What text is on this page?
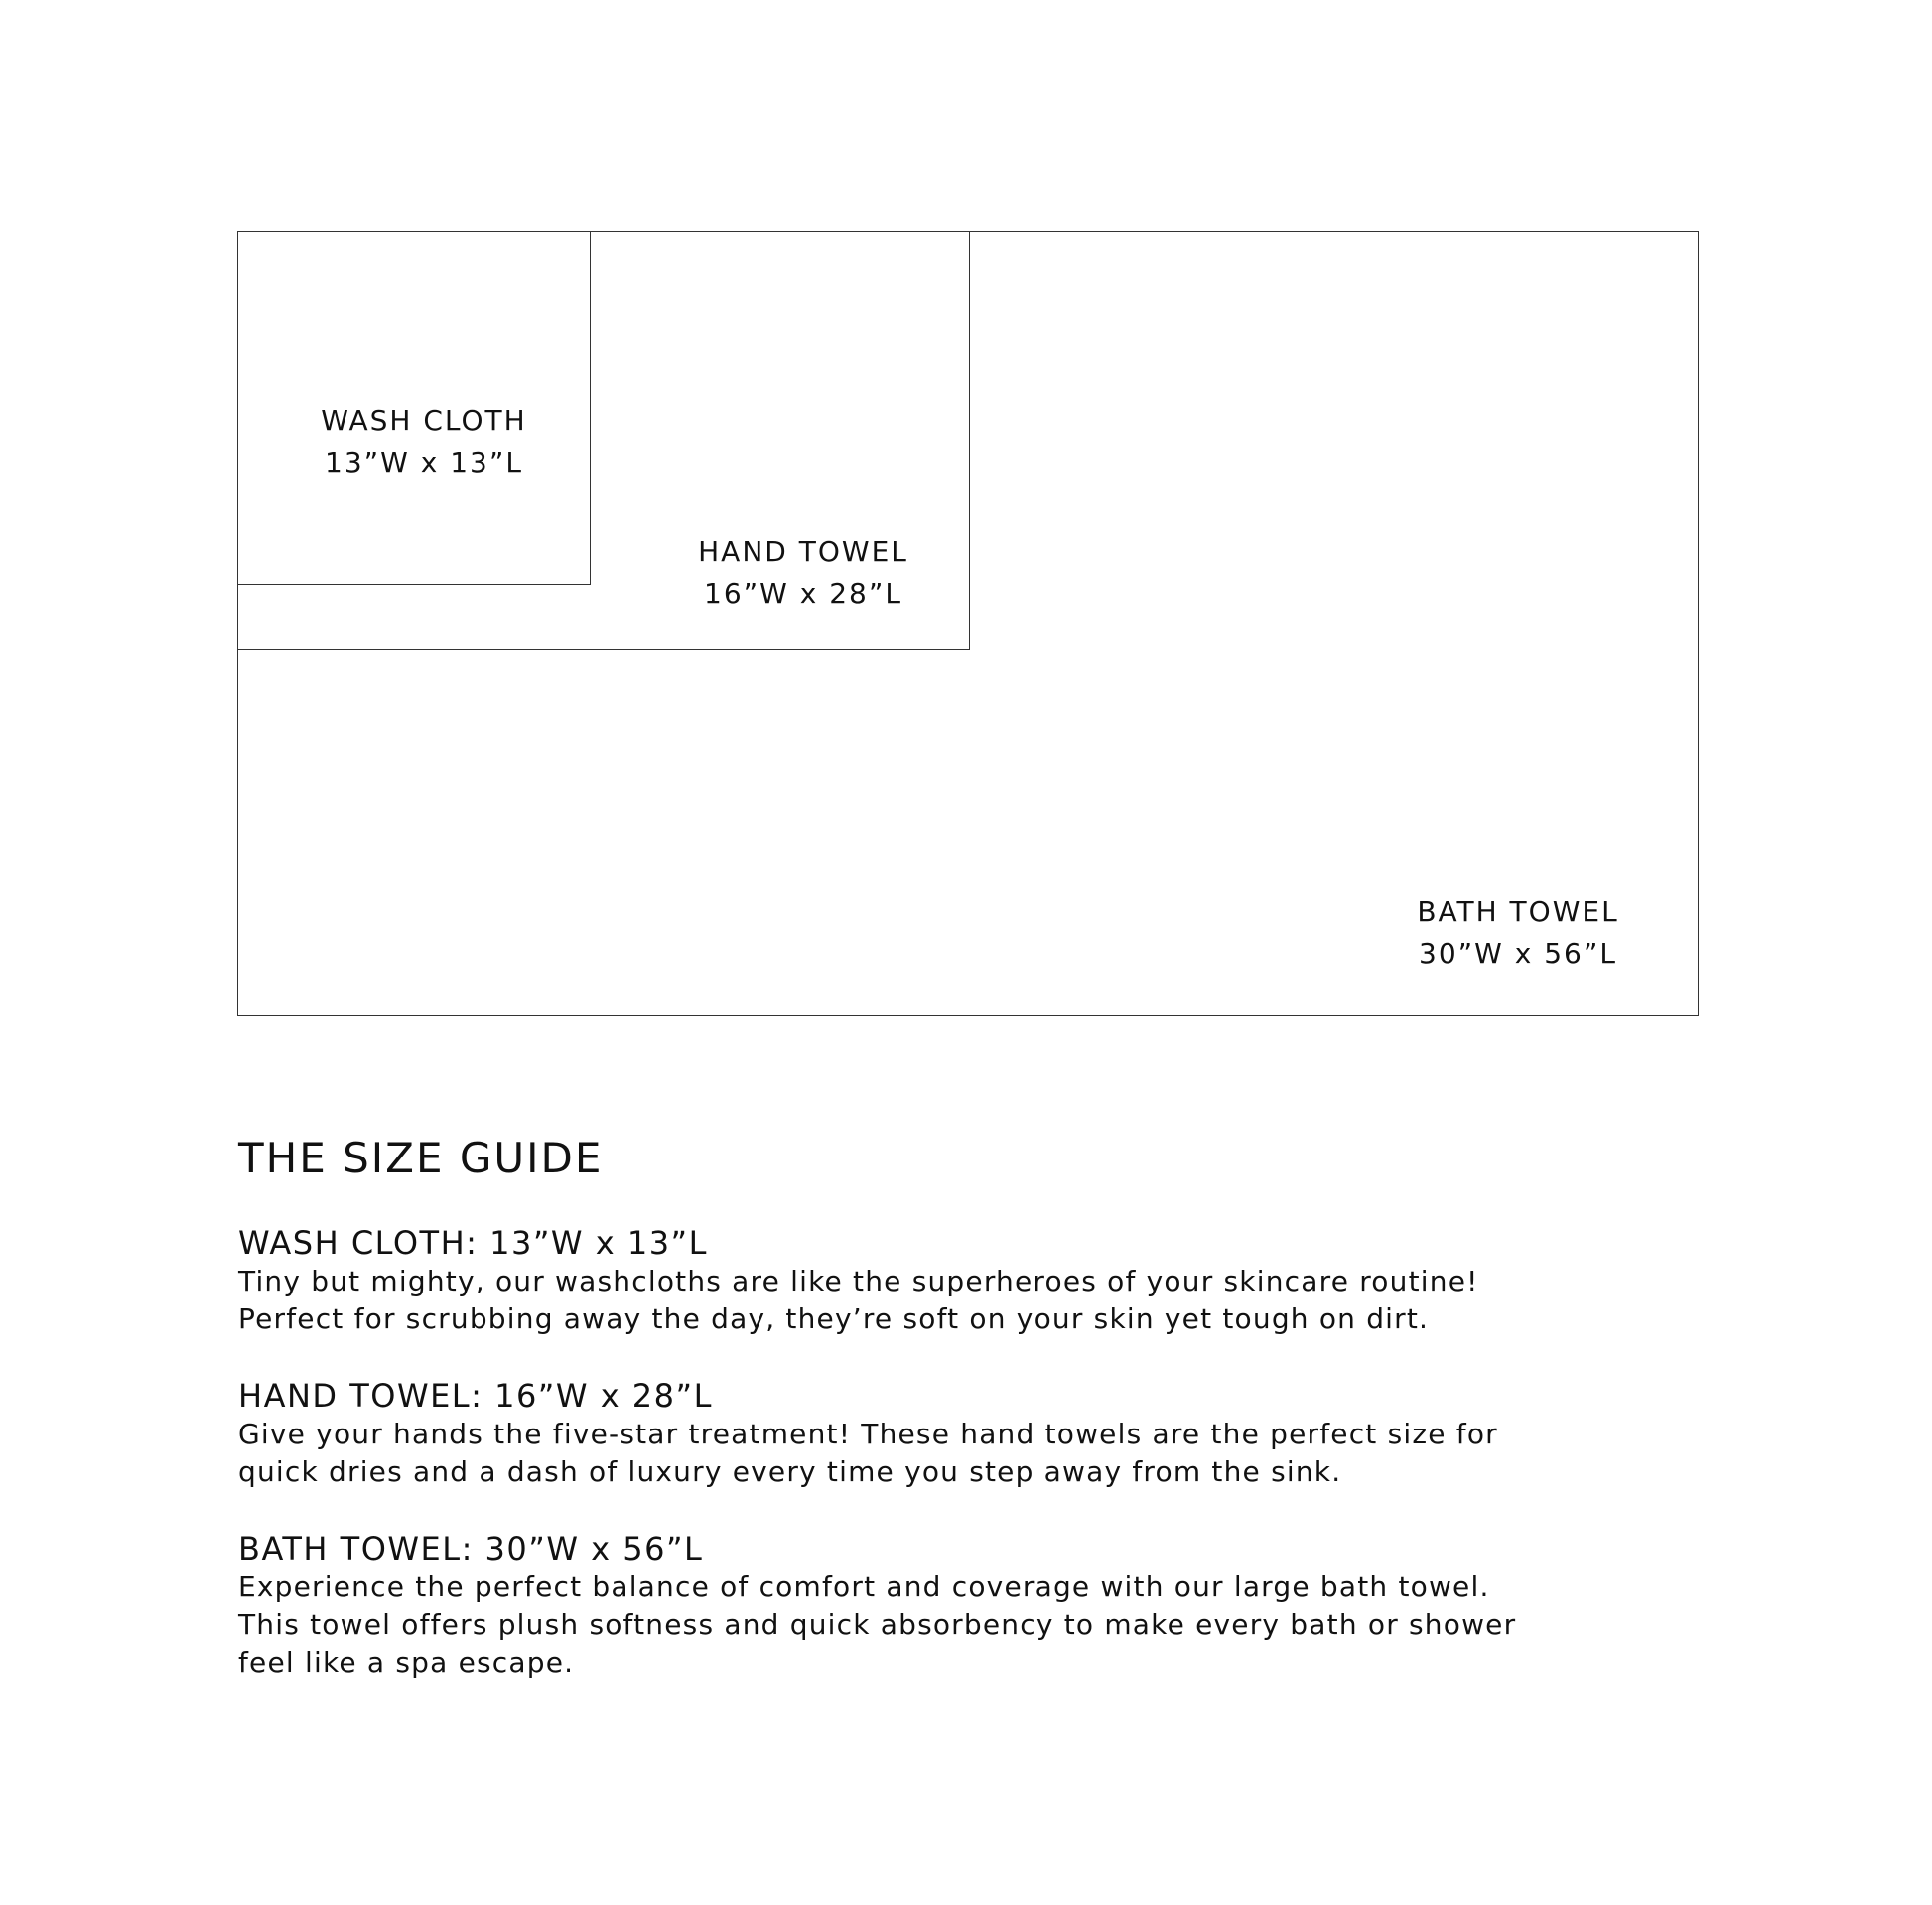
WASH CLOTH
13”W x 13”L
HAND TOWEL
16”W x 28”L
BATH TOWEL
30”W x 56”L
THE SIZE GUIDE
WASH CLOTH: 13”W x 13”L

Tiny but mighty, our washcloths are like the superheroes of your skincare routine!
Perfect for scrubbing away the day, they’re soft on your skin yet tough on dirt.

HAND TOWEL: 16”W x 28”L

Give your hands the five-star treatment! These hand towels are the perfect size for
quick dries and a dash of luxury every time you step away from the sink.

BATH TOWEL: 30”W x 56”L

Experience the perfect balance of comfort and coverage with our large bath towel.
This towel offers plush softness and quick absorbency to make every bath or shower
feel like a spa escape.
